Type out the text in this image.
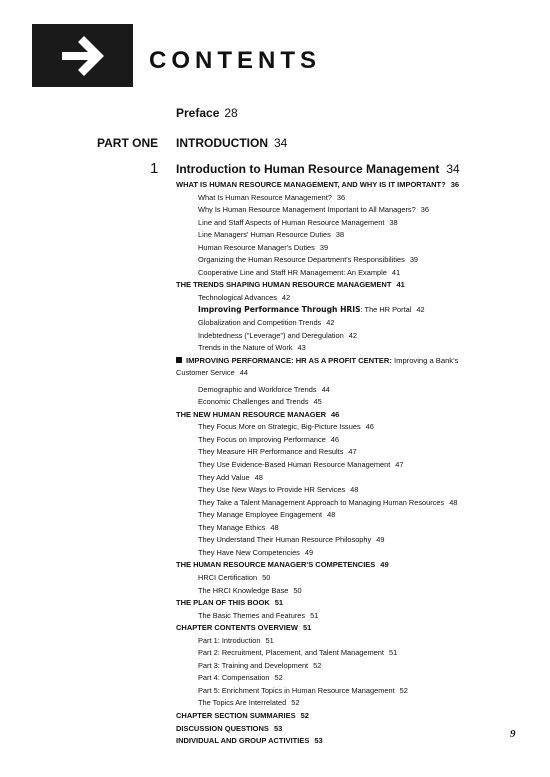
CONTENTS
Preface 28
PART ONE INTRODUCTION 34
1 Introduction to Human Resource Management 34
WHAT IS HUMAN RESOURCE MANAGEMENT, AND WHY IS IT IMPORTANT? 36
What Is Human Resource Management? 36
Why Is Human Resource Management Important to All Managers? 36
Line and Staff Aspects of Human Resource Management 38
Line Managers' Human Resource Duties 38
Human Resource Manager's Duties 39
Organizing the Human Resource Department's Responsibilities 39
Cooperative Line and Staff HR Management: An Example 41
THE TRENDS SHAPING HUMAN RESOURCE MANAGEMENT 41
Technological Advances 42
Improving Performance Through HRIS: The HR Portal 42
Globalization and Competition Trends 42
Indebtedness ("Leverage") and Deregulation 42
Trends in the Nature of Work 43
IMPROVING PERFORMANCE: HR AS A PROFIT CENTER: Improving a Bank's
Customer Service 44
Demographic and Workforce Trends 44
Economic Challenges and Trends 45
THE NEW HUMAN RESOURCE MANAGER 46
They Focus More on Strategic, Big-Picture Issues 46
They Focus on Improving Performance 46
They Measure HR Performance and Results 47
They Use Evidence-Based Human Resource Management 47
They Add Value 48
They Use New Ways to Provide HR Services 48
They Take a Talent Management Approach to Managing Human Resources 48
They Manage Employee Engagement 48
They Manage Ethics 48
They Understand Their Human Resource Philosophy 49
They Have New Competencies 49
THE HUMAN RESOURCE MANAGER'S COMPETENCIES 49
HRCI Certification 50
The HRCI Knowledge Base 50
THE PLAN OF THIS BOOK 51
The Basic Themes and Features 51
CHAPTER CONTENTS OVERVIEW 51
Part 1: Introduction 51
Part 2: Recruitment, Placement, and Talent Management 51
Part 3: Training and Development 52
Part 4: Compensation 52
Part 5: Enrichment Topics in Human Resource Management 52
The Topics Are Interrelated 52
CHAPTER SECTION SUMMARIES 52
DISCUSSION QUESTIONS 53
INDIVIDUAL AND GROUP ACTIVITIES 53
9
